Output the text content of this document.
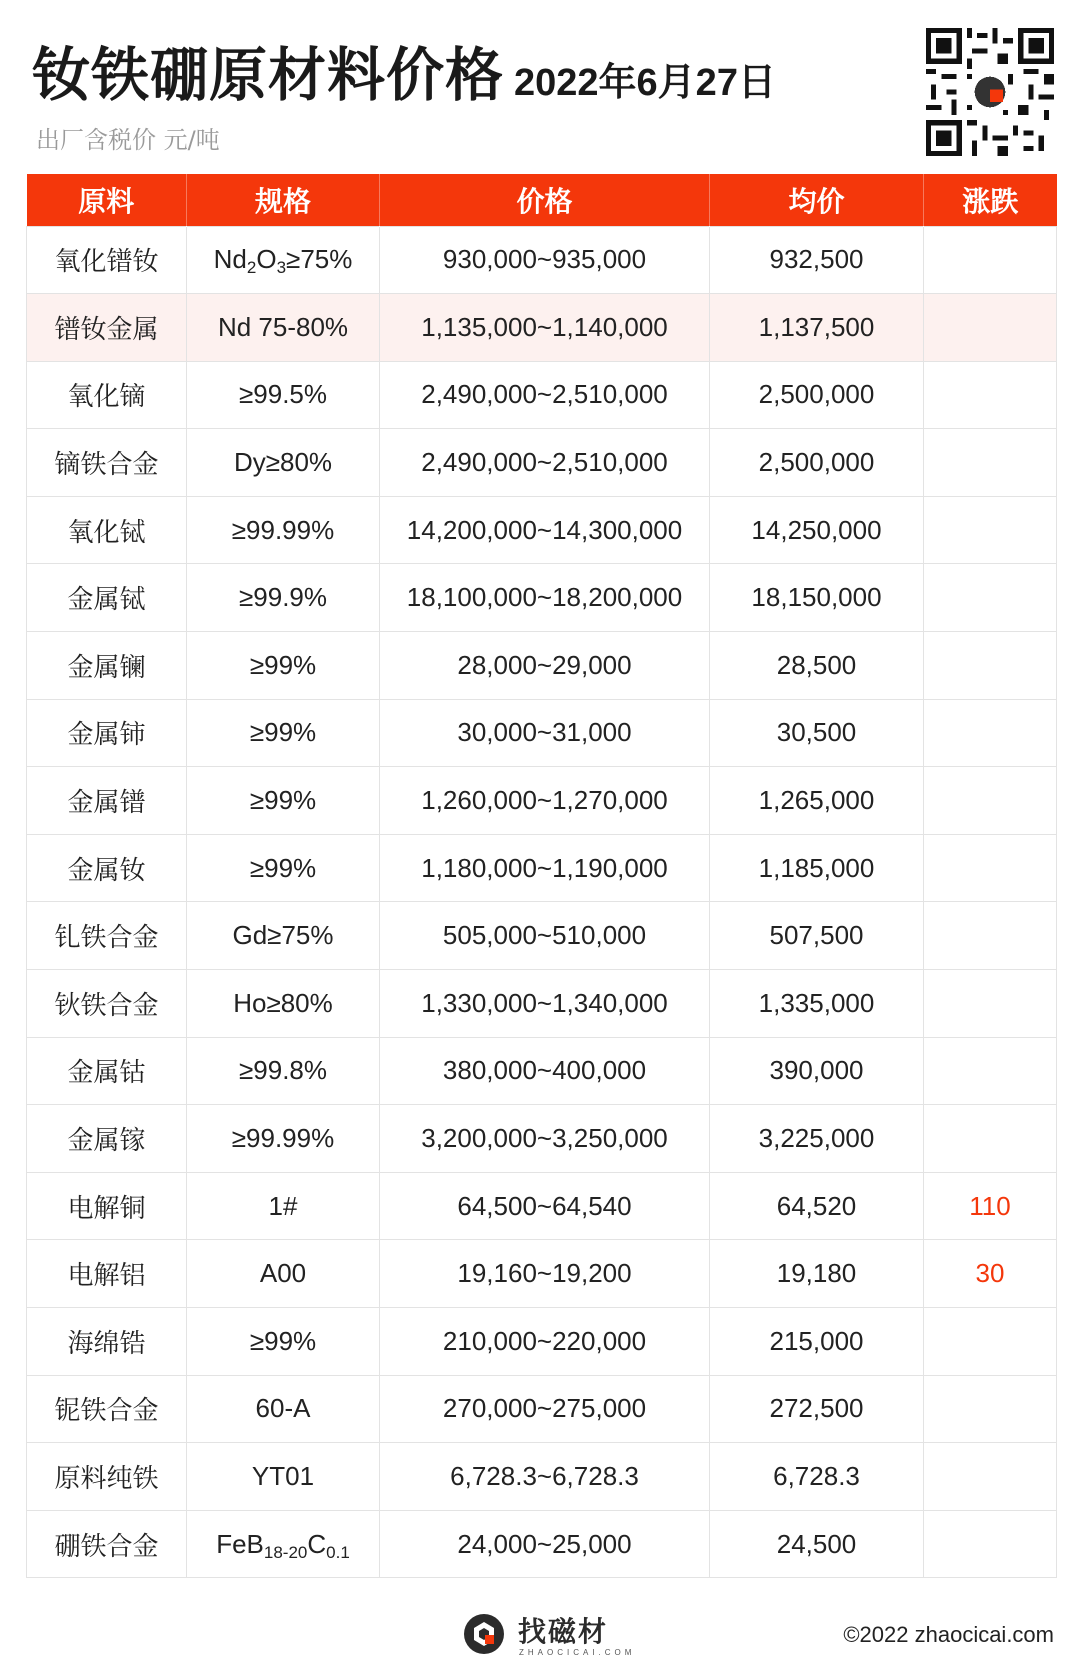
钕铁硼原材料价格 2022年6月27日
出厂含税价 元/吨
原料	规格	价格	均价	涨跌
氧化镨钕	$Nd_2O_3\ge 75\%$	930,000~935,000	932,500	
镨钕金属	Nd 75-80%	1,135,000~1,140,000	1,137,500	
氧化镝	≥99.5%	2,490,000~2,510,000	2,500,000	
镝铁合金	Dy≥80%	2,490,000~2,510,000	2,500,000	
氧化铽	≥99.99%	14,200,000~14,300,000	14,250,000	
金属铽	≥99.9%	18,100,000~18,200,000	18,150,000	
金属镧	≥99%	28,000~29,000	28,500	
金属铈	≥99%	30,000~31,000	30,500	
金属镨	≥99%	1,260,000~1,270,000	1,265,000	
金属钕	≥99%	1,180,000~1,190,000	1,185,000	
钆铁合金	Gd≥75%	505,000~510,000	507,500	
钬铁合金	Ho≥80%	1,330,000~1,340,000	1,335,000	
金属钴	≥99.8%	380,000~400,000	390,000	
金属镓	≥99.99%	3,200,000~3,250,000	3,225,000	
电解铜	1#	64,500~64,540	64,520	110
电解铝	A00	19,160~19,200	19,180	30
海绵锆	≥99%	210,000~220,000	215,000	
铌铁合金	60-A	270,000~275,000	272,500	
原料纯铁	YT01	6,728.3~6,728.3	6,728.3	
硼铁合金	$FeB_{18-20}C_{0.1}$	24,000~25,000	24,500	
找磁材
ZHAOCICAI.COM
©2022 zhaocicai.com
